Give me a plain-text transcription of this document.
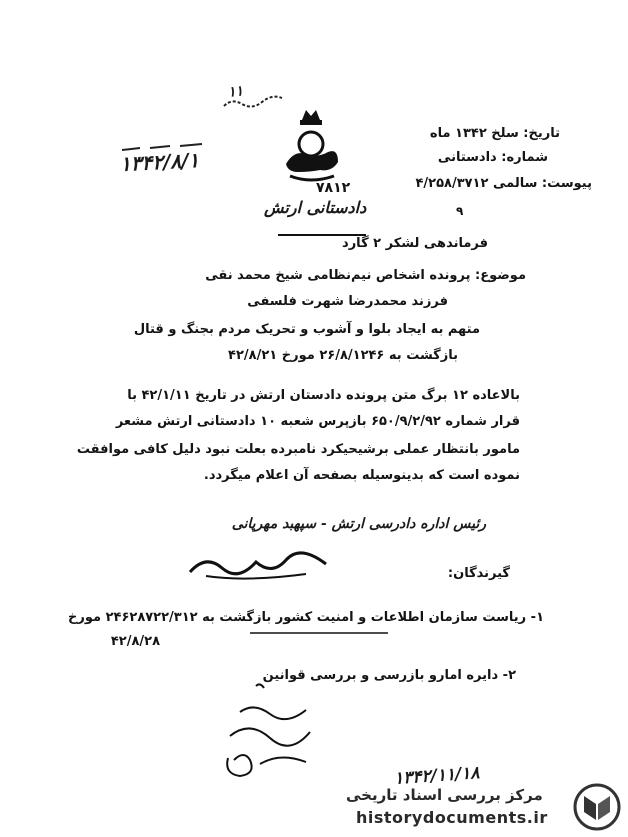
۱۱
۱۳۴۲/۸/۱
تاریخ: سلخ ۱۳۴۲ ماه
شماره: دادستانی
پیوست: سالمی ۴/۲۵۸/۳۷۱۲
۷۸۱۲
دادستانی ارتش	۹
فرماندهی لشکر ۲ گارد
موضوع: پرونده اشخاص نیم‌نظامی شیخ محمد نقی
فرزند محمدرضا شهرت فلسفی
متهم به ایجاد بلوا و آشوب و تحریک مردم بجنگ و قتال
بازگشت به ۲۶/۸/۱۲۴۶ مورخ ۴۲/۸/۲۱
بالاعاده ۱۲ برگ متن پرونده دادستان ارتش در تاریخ ۴۲/۱/۱۱ با
قرار شماره ۶۵۰/۹/۲/۹۲ بازپرس شعبه ۱۰ دادستانی ارتش مشعر
مامور بانتظار عملی برشیحیکرد نامبرده بعلت نبود دلیل کافی موافقت
نموده است که بدینوسیله بصفحه آن اعلام میگردد.
رئیس اداره دادرسی ارتش - سپهبد مهرپانی
گیرندگان:
۱- ریاست سازمان اطلاعات و امنیت کشور بازگشت به ۲۴۶۲۸۷۲۲/۳۱۲ مورخ
۴۲/۸/۲۸
۲- دایره امارو بازرسی و بررسی قوانین
۱۳۴۲/۱۱/۱۸
مرکز بررسی اسناد تاریخی
historydocuments.ir
